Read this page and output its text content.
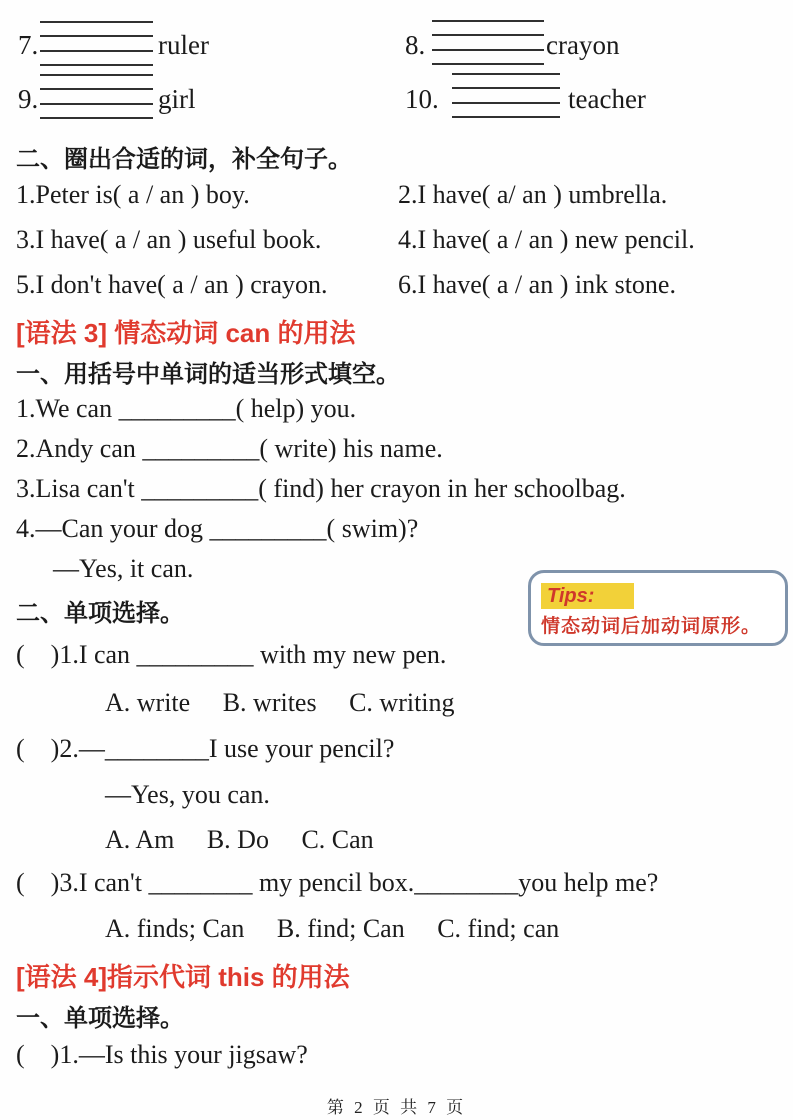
7.	ruler	8.	crayon
9.	girl	10.	teacher
二、圈出合适的词，补全句子。
1.Peter is( a / an ) boy.	2.I have( a/ an ) umbrella.
3.I have( a / an ) useful book.	4.I have( a / an ) new pencil.
5.I don't have( a / an ) crayon.	6.I have( a / an ) ink stone.
[语法 3] 情态动词 can 的用法
一、用括号中单词的适当形式填空。
1.We can _________( help) you.
2.Andy can _________( write) his name.
3.Lisa can't _________( find) her crayon in her schoolbag.
4.—Can your dog _________( swim)?
—Yes, it can.
二、单项选择。
(    )1.I can _________ with my new pen.
A. write     B. writes     C. writing
(    )2.—________I use your pencil?
—Yes, you can.
A. Am     B. Do     C. Can
(    )3.I can't ________ my pencil box.________you help me?
A. finds; Can     B. find; Can     C. find; can
[语法 4]指示代词 this 的用法
一、单项选择。
(    )1.—Is this your jigsaw?
第 2 页 共 7 页
Tips:
情态动词后加动词原形。
